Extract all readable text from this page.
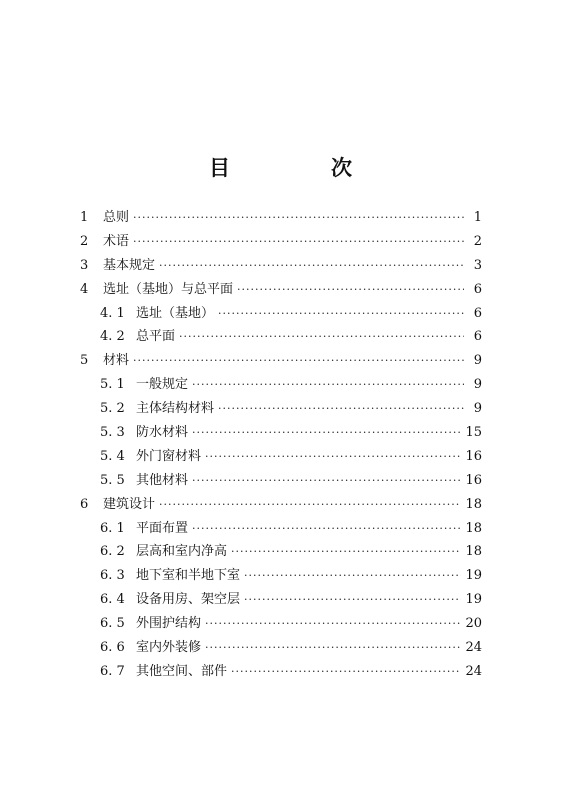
目　次
1	总则 ·····	1
2	术语 ·····	2
3	基本规定 ·····	3
4	选址（基地）与总平面 ·····	6
4. 1 选址（基地） ·····	6
4. 2 总平面 ·····	6
5	材料 ·····	9
5. 1 一般规定 ·····	9
5. 2 主体结构材料 ·····	9
5. 3 防水材料 ·····	15
5. 4 外门窗材料 ·····	16
5. 5 其他材料 ·····	16
6	建筑设计 ·····	18
6. 1 平面布置 ·····	18
6. 2 层高和室内净高 ·····	18
6. 3 地下室和半地下室 ·····	19
6. 4 设备用房、架空层 ·····	19
6. 5 外围护结构 ·····	20
6. 6 室内外装修 ·····	24
6. 7 其他空间、部件 ·····	24
